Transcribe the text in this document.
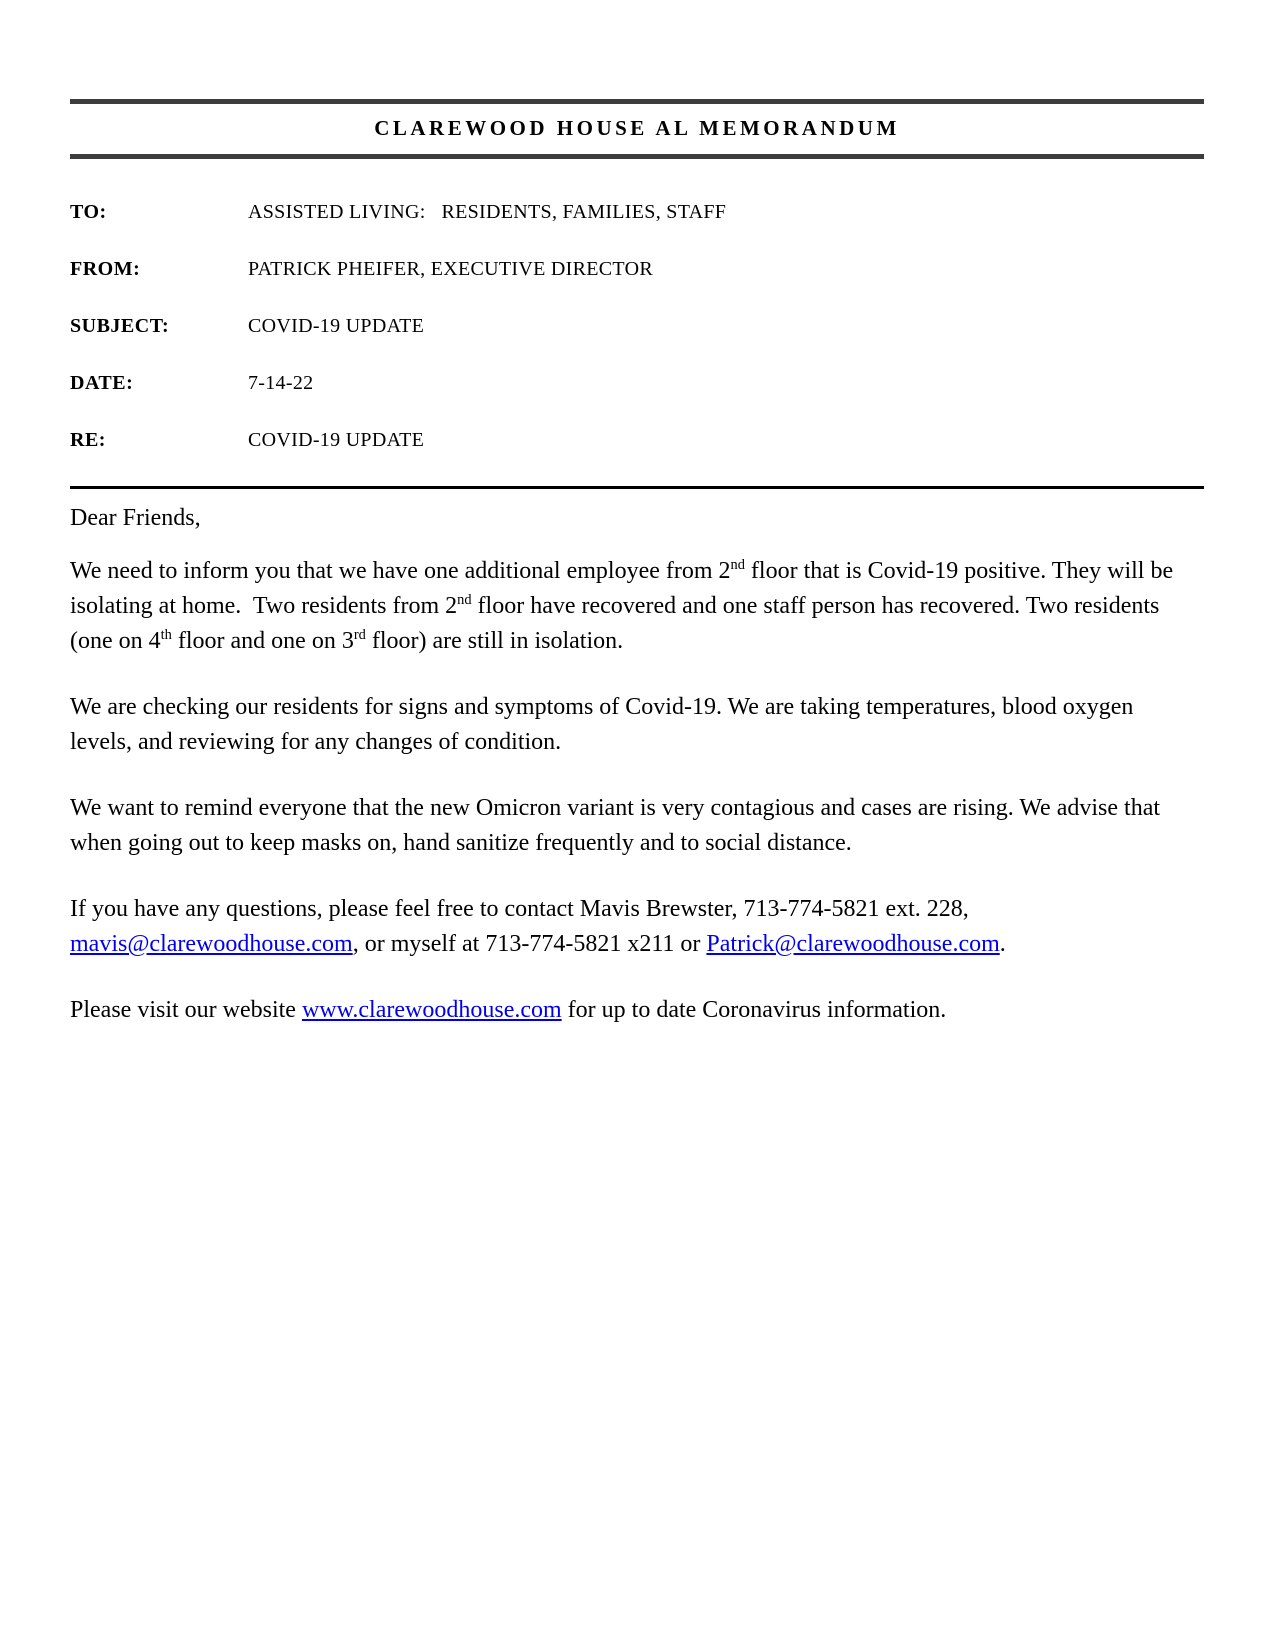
CLAREWOOD HOUSE AL MEMORANDUM
TO:	ASSISTED LIVING:   RESIDENTS, FAMILIES, STAFF
FROM:	PATRICK PHEIFER, EXECUTIVE DIRECTOR
SUBJECT:	COVID-19 UPDATE
DATE:	7-14-22
RE:	COVID-19 UPDATE

Dear Friends,

We need to inform you that we have one additional employee from 2nd floor that is Covid-19 positive. They will be isolating at home.  Two residents from 2nd floor have recovered and one staff person has recovered. Two residents (one on 4th floor and one on 3rd floor) are still in isolation.

We are checking our residents for signs and symptoms of Covid-19. We are taking temperatures, blood oxygen levels, and reviewing for any changes of condition.

We want to remind everyone that the new Omicron variant is very contagious and cases are rising. We advise that when going out to keep masks on, hand sanitize frequently and to social distance.

If you have any questions, please feel free to contact Mavis Brewster, 713-774-5821 ext. 228, mavis@clarewoodhouse.com, or myself at 713-774-5821 x211 or Patrick@clarewoodhouse.com.

Please visit our website www.clarewoodhouse.com for up to date Coronavirus information.
